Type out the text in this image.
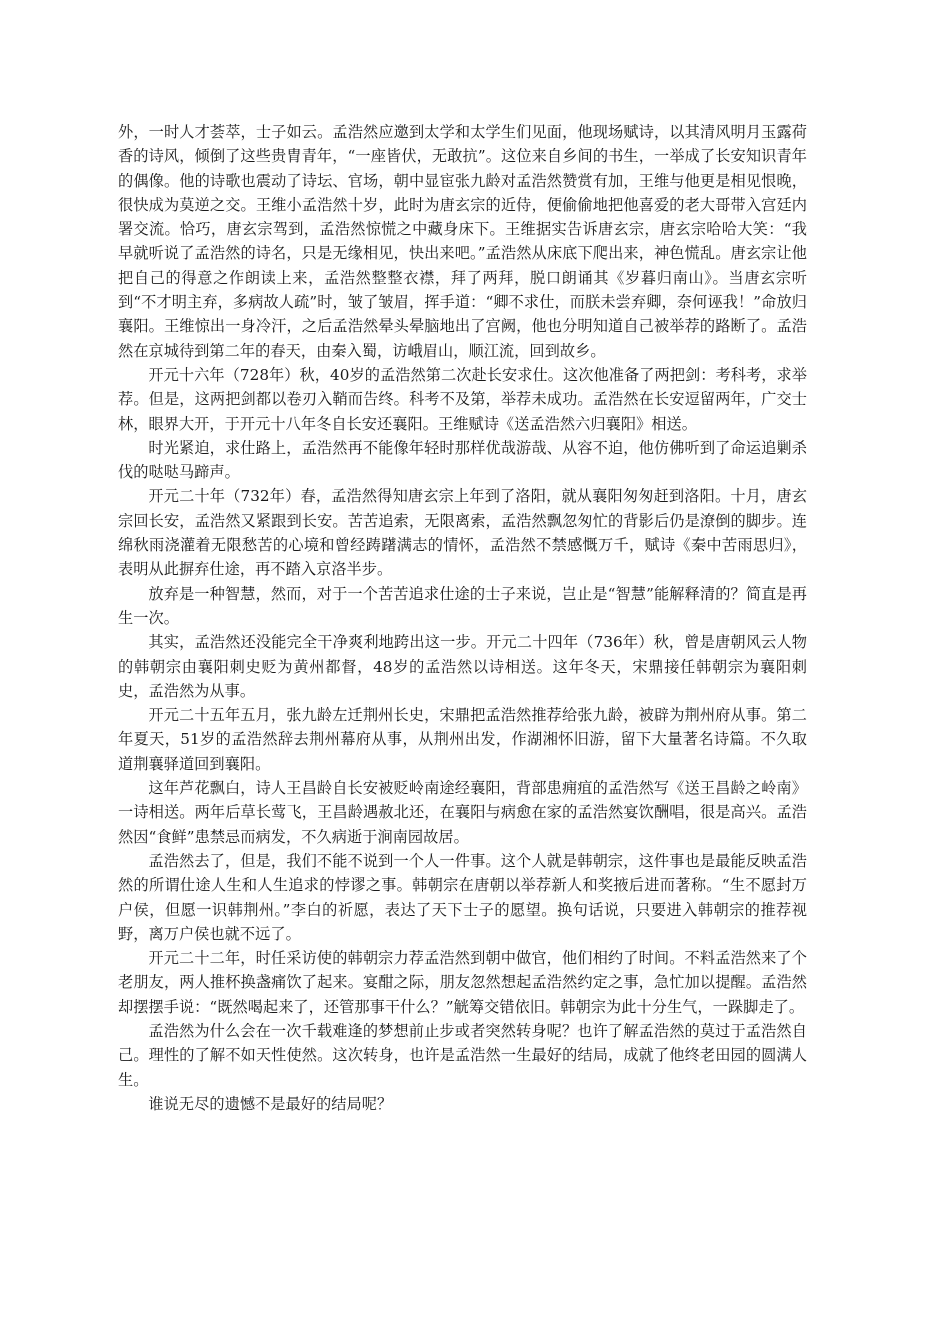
外，一时人才荟萃，士子如云。孟浩然应邀到太学和太学生们见面，他现场赋诗，以其清风明月玉露荷香的诗风，倾倒了这些贵胄青年，“一座皆伏，无敢抗”。这位来自乡间的书生，一举成了长安知识青年的偶像。他的诗歌也震动了诗坛、官场，朝中显宦张九龄对孟浩然赞赏有加，王维与他更是相见恨晚，很快成为莫逆之交。王维小孟浩然十岁，此时为唐玄宗的近侍，便偷偷地把他喜爱的老大哥带入宫廷内署交流。恰巧，唐玄宗驾到，孟浩然惊慌之中藏身床下。王维据实告诉唐玄宗，唐玄宗哈哈大笑：“我早就听说了孟浩然的诗名，只是无缘相见，快出来吧。”孟浩然从床底下爬出来，神色慌乱。唐玄宗让他把自己的得意之作朗读上来，孟浩然整整衣襟，拜了两拜，脱口朗诵其《岁暮归南山》。当唐玄宗听到“不才明主弃，多病故人疏”时，皱了皱眉，挥手道：“卿不求仕，而朕未尝弃卿，奈何诬我！”命放归襄阳。王维惊出一身冷汗，之后孟浩然晕头晕脑地出了宫阙，他也分明知道自己被举荐的路断了。孟浩然在京城待到第二年的春天，由秦入蜀，访峨眉山，顺江流，回到故乡。

开元十六年（728年）秋，40岁的孟浩然第二次赴长安求仕。这次他准备了两把剑：考科考，求举荐。但是，这两把剑都以卷刃入鞘而告终。科考不及第，举荐未成功。孟浩然在长安逗留两年，广交士林，眼界大开，于开元十八年冬自长安还襄阳。王维赋诗《送孟浩然六归襄阳》相送。

时光紧迫，求仕路上，孟浩然再不能像年轻时那样优哉游哉、从容不迫，他仿佛听到了命运追剿杀伐的哒哒马蹄声。

开元二十年（732年）春，孟浩然得知唐玄宗上年到了洛阳，就从襄阳匆匆赶到洛阳。十月，唐玄宗回长安，孟浩然又紧跟到长安。苦苦追索，无限离索，孟浩然飘忽匆忙的背影后仍是潦倒的脚步。连绵秋雨浇灌着无限愁苦的心境和曾经踌躇满志的情怀，孟浩然不禁感慨万千，赋诗《秦中苦雨思归》，表明从此摒弃仕途，再不踏入京洛半步。

放弃是一种智慧，然而，对于一个苦苦追求仕途的士子来说，岂止是“智慧”能解释清的？简直是再生一次。

其实，孟浩然还没能完全干净爽利地跨出这一步。开元二十四年（736年）秋，曾是唐朝风云人物的韩朝宗由襄阳刺史贬为黄州都督，48岁的孟浩然以诗相送。这年冬天，宋鼎接任韩朝宗为襄阳刺史，孟浩然为从事。

开元二十五年五月，张九龄左迁荆州长史，宋鼎把孟浩然推荐给张九龄，被辟为荆州府从事。第二年夏天，51岁的孟浩然辞去荆州幕府从事，从荆州出发，作湖湘怀旧游，留下大量著名诗篇。不久取道荆襄驿道回到襄阳。

这年芦花飘白，诗人王昌龄自长安被贬岭南途经襄阳，背部患痈疽的孟浩然写《送王昌龄之岭南》一诗相送。两年后草长莺飞，王昌龄遇赦北还，在襄阳与病愈在家的孟浩然宴饮酬唱，很是高兴。孟浩然因“食鲜”患禁忌而病发，不久病逝于涧南园故居。

孟浩然去了，但是，我们不能不说到一个人一件事。这个人就是韩朝宗，这件事也是最能反映孟浩然的所谓仕途人生和人生追求的悖谬之事。韩朝宗在唐朝以举荐新人和奖掖后进而著称。“生不愿封万户侯，但愿一识韩荆州。”李白的祈愿，表达了天下士子的愿望。换句话说，只要进入韩朝宗的推荐视野，离万户侯也就不远了。

开元二十二年，时任采访使的韩朝宗力荐孟浩然到朝中做官，他们相约了时间。不料孟浩然来了个老朋友，两人推杯换盏痛饮了起来。宴酣之际，朋友忽然想起孟浩然约定之事，急忙加以提醒。孟浩然却摆摆手说：“既然喝起来了，还管那事干什么？”觥筹交错依旧。韩朝宗为此十分生气，一跺脚走了。

孟浩然为什么会在一次千载难逢的梦想前止步或者突然转身呢？也许了解孟浩然的莫过于孟浩然自己。理性的了解不如天性使然。这次转身，也许是孟浩然一生最好的结局，成就了他终老田园的圆满人生。

谁说无尽的遗憾不是最好的结局呢？
